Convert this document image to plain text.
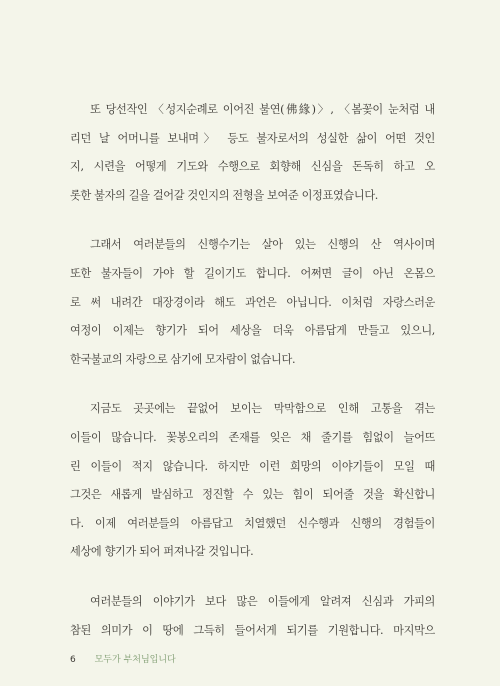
또 당선작인 〈성지순례로 이어진 불연(佛緣)〉, 〈봄꽃이 눈처럼 내
리던 날 어머니를 보내며〉 등도 불자로서의 성실한 삶이 어떤 것인
지, 시련을 어떻게 기도와 수행으로 회향해 신심을 돈독히 하고 오
롯한 불자의 길을 걸어갈 것인지의 전형을 보여준 이정표였습니다.

그래서 여러분들의 신행수기는 살아 있는 신행의 산 역사이며
또한 불자들이 가야 할 길이기도 합니다. 어쩌면 글이 아닌 온몸으
로 써 내려간 대장경이라 해도 과언은 아닙니다. 이처럼 자랑스러운
여정이 이제는 향기가 되어 세상을 더욱 아름답게 만들고 있으니,
한국불교의 자랑으로 삼기에 모자람이 없습니다.

지금도 곳곳에는 끝없어 보이는 막막함으로 인해 고통을 겪는
이들이 많습니다. 꽃봉오리의 존재를 잊은 채 줄기를 힘없이 늘어뜨
린 이들이 적지 않습니다. 하지만 이런 희망의 이야기들이 모일 때
그것은 새롭게 발심하고 정진할 수 있는 힘이 되어줄 것을 확신합니
다. 이제 여러분들의 아름답고 치열했던 신수행과 신행의 경험들이
세상에 향기가 되어 퍼져나갈 것입니다.

여러분들의 이야기가 보다 많은 이들에게 알려져 신심과 가피의
참된 의미가 이 땅에 그득히 들어서게 되기를 기원합니다. 마지막으

6 모두가 부처님입니다
